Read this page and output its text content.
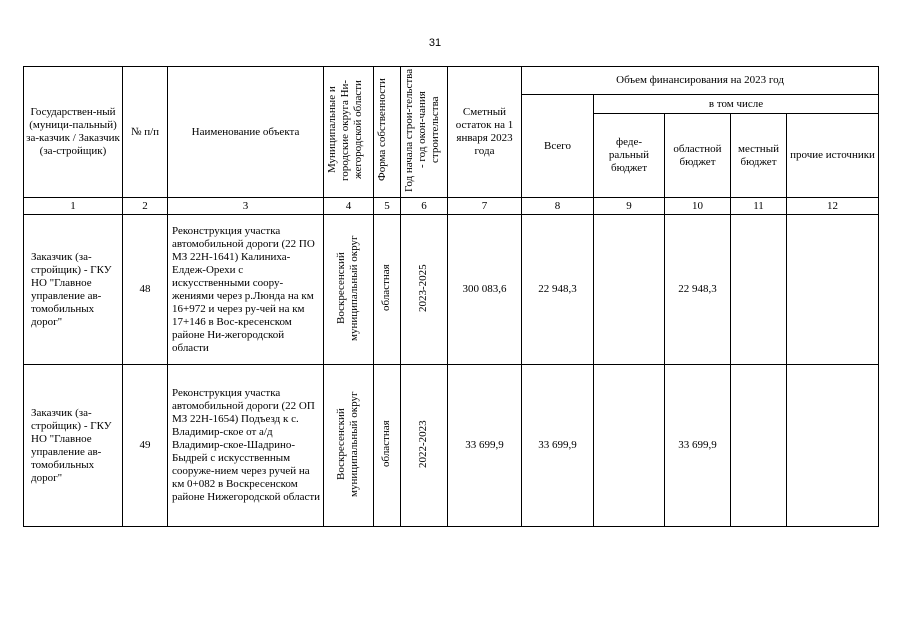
31
Государствен-ный (муници-пальный) за-казчик / Заказчик (за-стройщик)	№ п/п	Наименование объекта	Муниципальные и городские округа Ни-жегородской области	Форма собственности	Год начала строи-тельства - год окон-чания строительства	Сметный остаток на 1 января 2023 года	Объем финансирования на 2023 год				
							Всего	в том числе			
								феде-ральный бюджет	областной бюджет	местный бюджет	прочие источники
1	2	3	4	5	6	7	8	9	10	11	12
Заказчик (за-стройщик) - ГКУ НО "Главное управление ав-томобильных дорог"	48	Реконструкция участка автомобильной дороги (22 ПО МЗ 22Н-1641) Калиниха-Елдеж-Орехи с искусственными соору-жениями через р.Люнда на км 16+972 и через ру-чей на км 17+146 в Вос-кресенском районе Ни-жегородской области	Воскресенский муниципальный округ	областная	2023-2025	300 083,6	22 948,3		22 948,3		
Заказчик (за-стройщик) - ГКУ НО "Главное управление ав-томобильных дорог"	49	Реконструкция участка автомобильной дороги (22 ОП МЗ 22Н-1654) Подъезд к с. Владимир-ское от а/д Владимир-ское-Шадрино-Быдрей с искусственным сооруже-нием через ручей на км 0+082 в Воскресенском районе Нижегородской области	Воскресенский муниципальный округ	областная	2022-2023	33 699,9	33 699,9		33 699,9		
